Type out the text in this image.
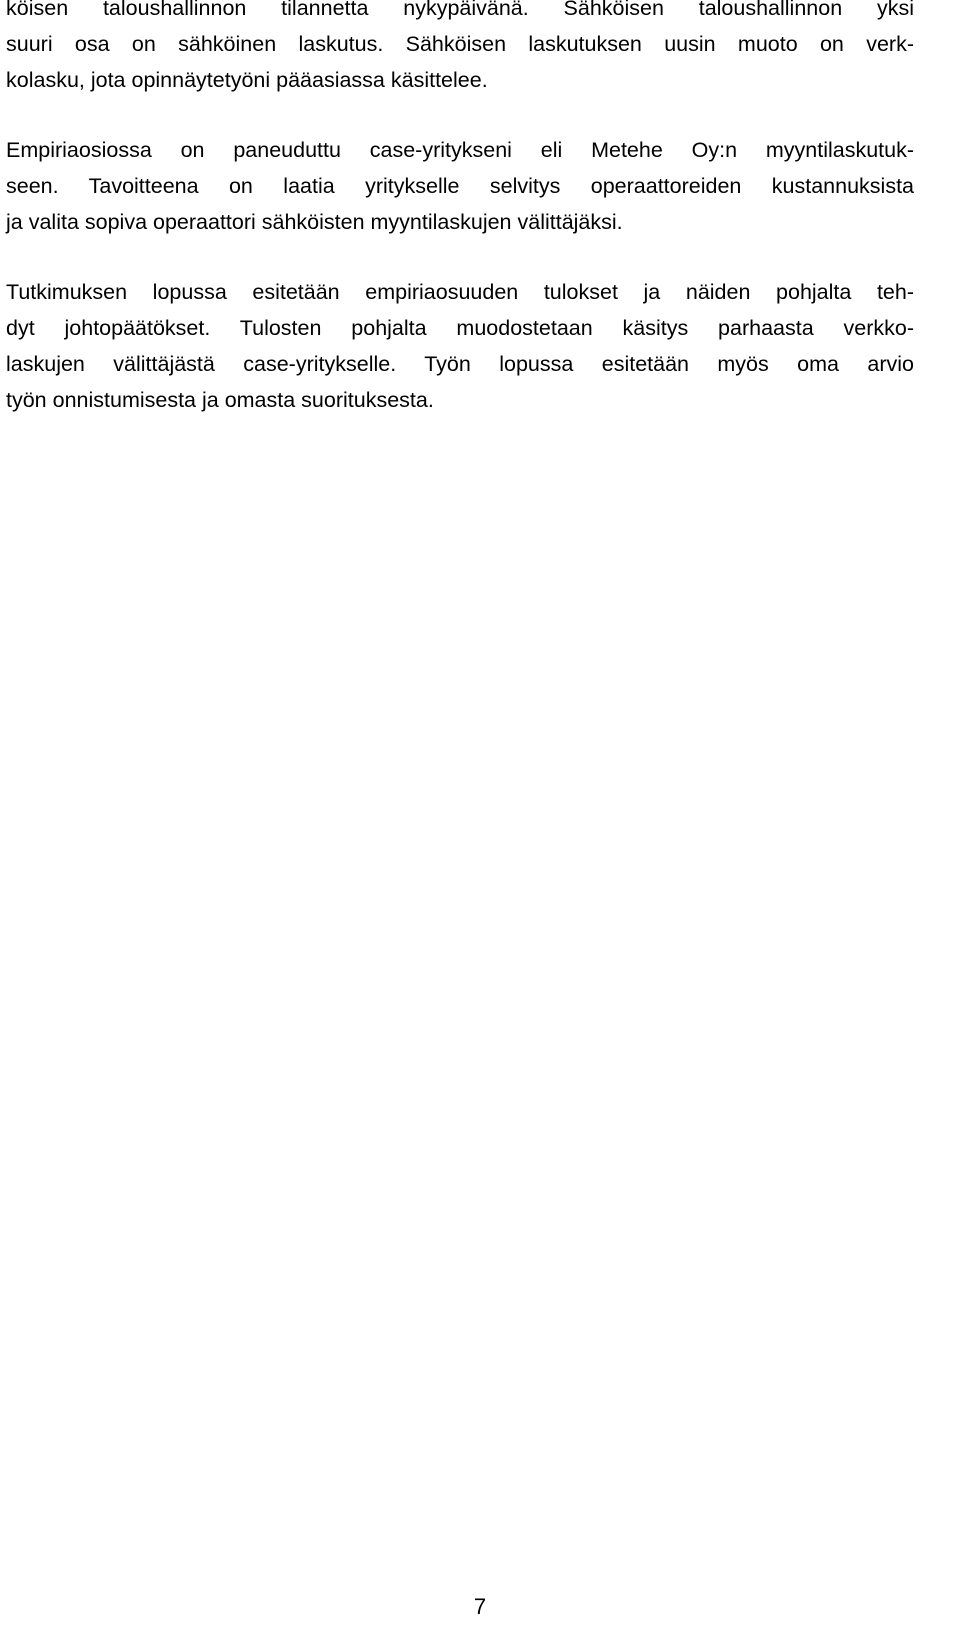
köisen taloushallinnon tilannetta nykypäivänä. Sähköisen taloushallinnon yksi
suuri osa on sähköinen laskutus. Sähköisen laskutuksen uusin muoto on verk-
kolasku, jota opinnäytetyöni pääasiassa käsittelee.

Empiriaosiossa on paneuduttu case-yritykseni eli Metehe Oy:n myyntilaskutuk-
seen. Tavoitteena on laatia yritykselle selvitys operaattoreiden kustannuksista
ja valita sopiva operaattori sähköisten myyntilaskujen välittäjäksi.

Tutkimuksen lopussa esitetään empiriaosuuden tulokset ja näiden pohjalta teh-
dyt johtopäätökset. Tulosten pohjalta muodostetaan käsitys parhaasta verkko-
laskujen välittäjästä case-yritykselle. Työn lopussa esitetään myös oma arvio
työn onnistumisesta ja omasta suorituksesta.

7
